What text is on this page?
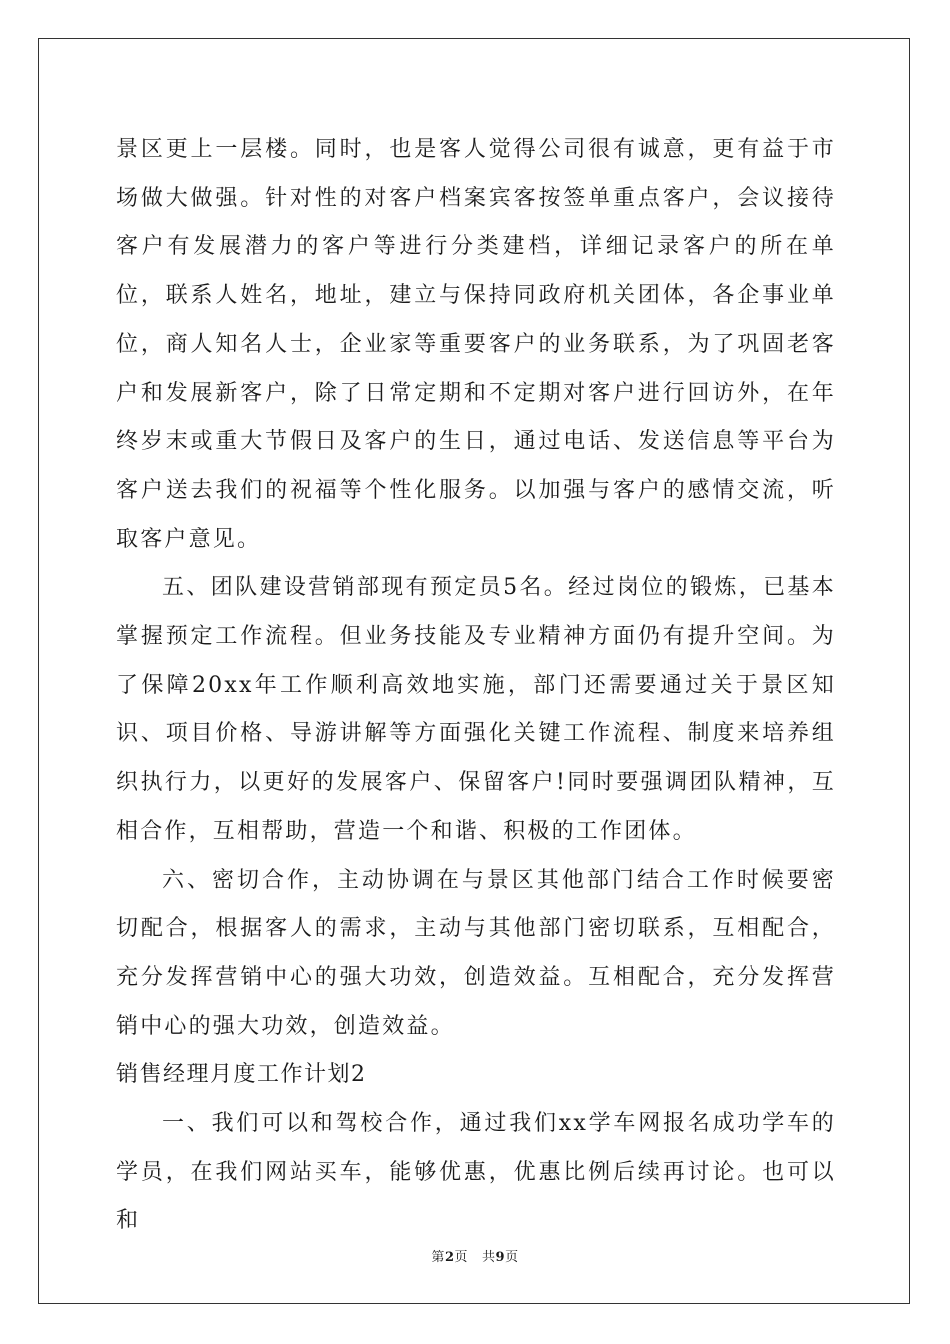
景区更上一层楼。同时，也是客人觉得公司很有诚意，更有益于市场做大做强。针对性的对客户档案宾客按签单重点客户，会议接待客户有发展潜力的客户等进行分类建档，详细记录客户的所在单位，联系人姓名，地址，建立与保持同政府机关团体，各企事业单位，商人知名人士，企业家等重要客户的业务联系，为了巩固老客户和发展新客户，除了日常定期和不定期对客户进行回访外，在年终岁末或重大节假日及客户的生日，通过电话、发送信息等平台为客户送去我们的祝福等个性化服务。以加强与客户的感情交流，听取客户意见。

五、团队建设营销部现有预定员5名。经过岗位的锻炼，已基本掌握预定工作流程。但业务技能及专业精神方面仍有提升空间。为了保障20xx年工作顺利高效地实施，部门还需要通过关于景区知识、项目价格、导游讲解等方面强化关键工作流程、制度来培养组织执行力，以更好的发展客户、保留客户!同时要强调团队精神，互相合作，互相帮助，营造一个和谐、积极的工作团体。

六、密切合作，主动协调在与景区其他部门结合工作时候要密切配合，根据客人的需求，主动与其他部门密切联系，互相配合，充分发挥营销中心的强大功效，创造效益。互相配合，充分发挥营销中心的强大功效，创造效益。

销售经理月度工作计划2

一、我们可以和驾校合作，通过我们xx学车网报名成功学车的学员，在我们网站买车，能够优惠，优惠比例后续再讨论。也可以和

第2页 共9页
